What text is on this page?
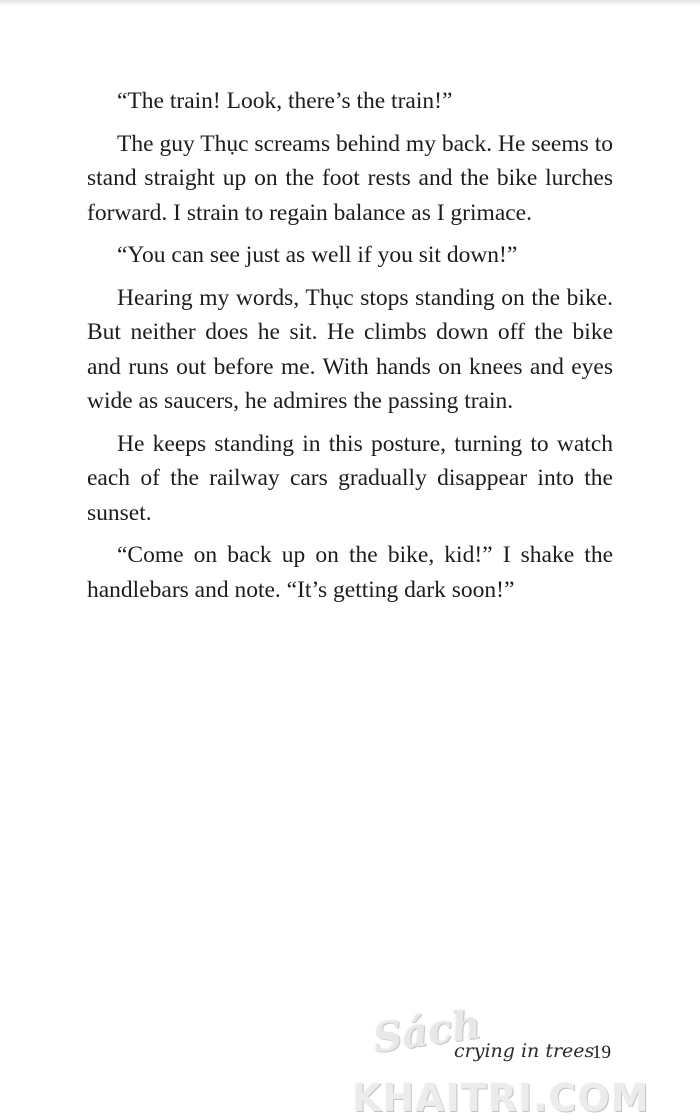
“The train! Look, there’s the train!”

The guy Thục screams behind my back. He seems to stand straight up on the foot rests and the bike lurches forward. I strain to regain balance as I grimace.

“You can see just as well if you sit down!”

Hearing my words, Thục stops standing on the bike. But neither does he sit. He climbs down off the bike and runs out before me. With hands on knees and eyes wide as saucers, he admires the passing train.

He keeps standing in this posture, turning to watch each of the railway cars gradually disappear into the sunset.

“Come on back up on the bike, kid!” I shake the handlebars and note. “It’s getting dark soon!”

Sách
crying in trees
19
KHAITRI.COM
